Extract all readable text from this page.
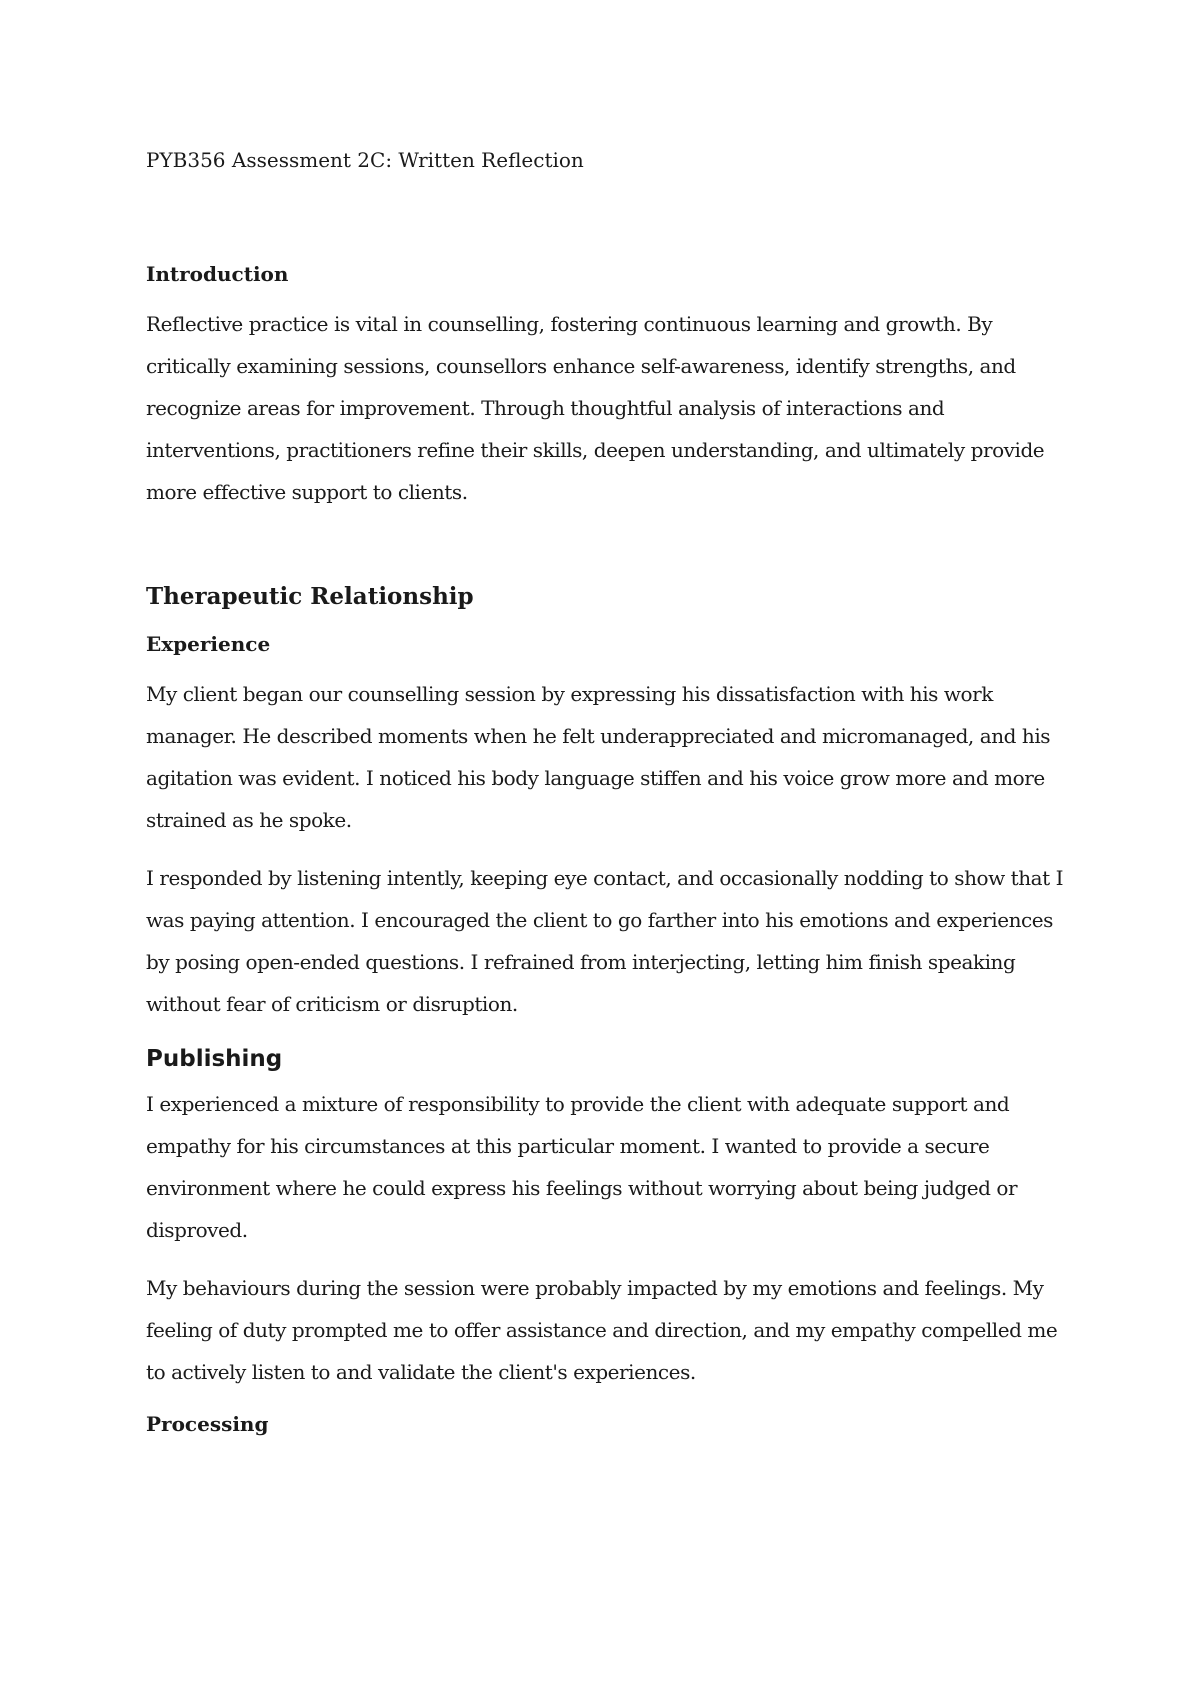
PYB356 Assessment 2C: Written Reflection
Introduction

Reflective practice is vital in counselling, fostering continuous learning and growth. By critically examining sessions, counsellors enhance self-awareness, identify strengths, and recognize areas for improvement. Through thoughtful analysis of interactions and interventions, practitioners refine their skills, deepen understanding, and ultimately provide more effective support to clients.

Therapeutic Relationship
Experience

My client began our counselling session by expressing his dissatisfaction with his work manager. He described moments when he felt underappreciated and micromanaged, and his agitation was evident. I noticed his body language stiffen and his voice grow more and more strained as he spoke.

I responded by listening intently, keeping eye contact, and occasionally nodding to show that I was paying attention. I encouraged the client to go farther into his emotions and experiences by posing open-ended questions. I refrained from interjecting, letting him finish speaking without fear of criticism or disruption.

Publishing

I experienced a mixture of responsibility to provide the client with adequate support and empathy for his circumstances at this particular moment. I wanted to provide a secure environment where he could express his feelings without worrying about being judged or disproved.

My behaviours during the session were probably impacted by my emotions and feelings. My feeling of duty prompted me to offer assistance and direction, and my empathy compelled me to actively listen to and validate the client's experiences.

Processing
